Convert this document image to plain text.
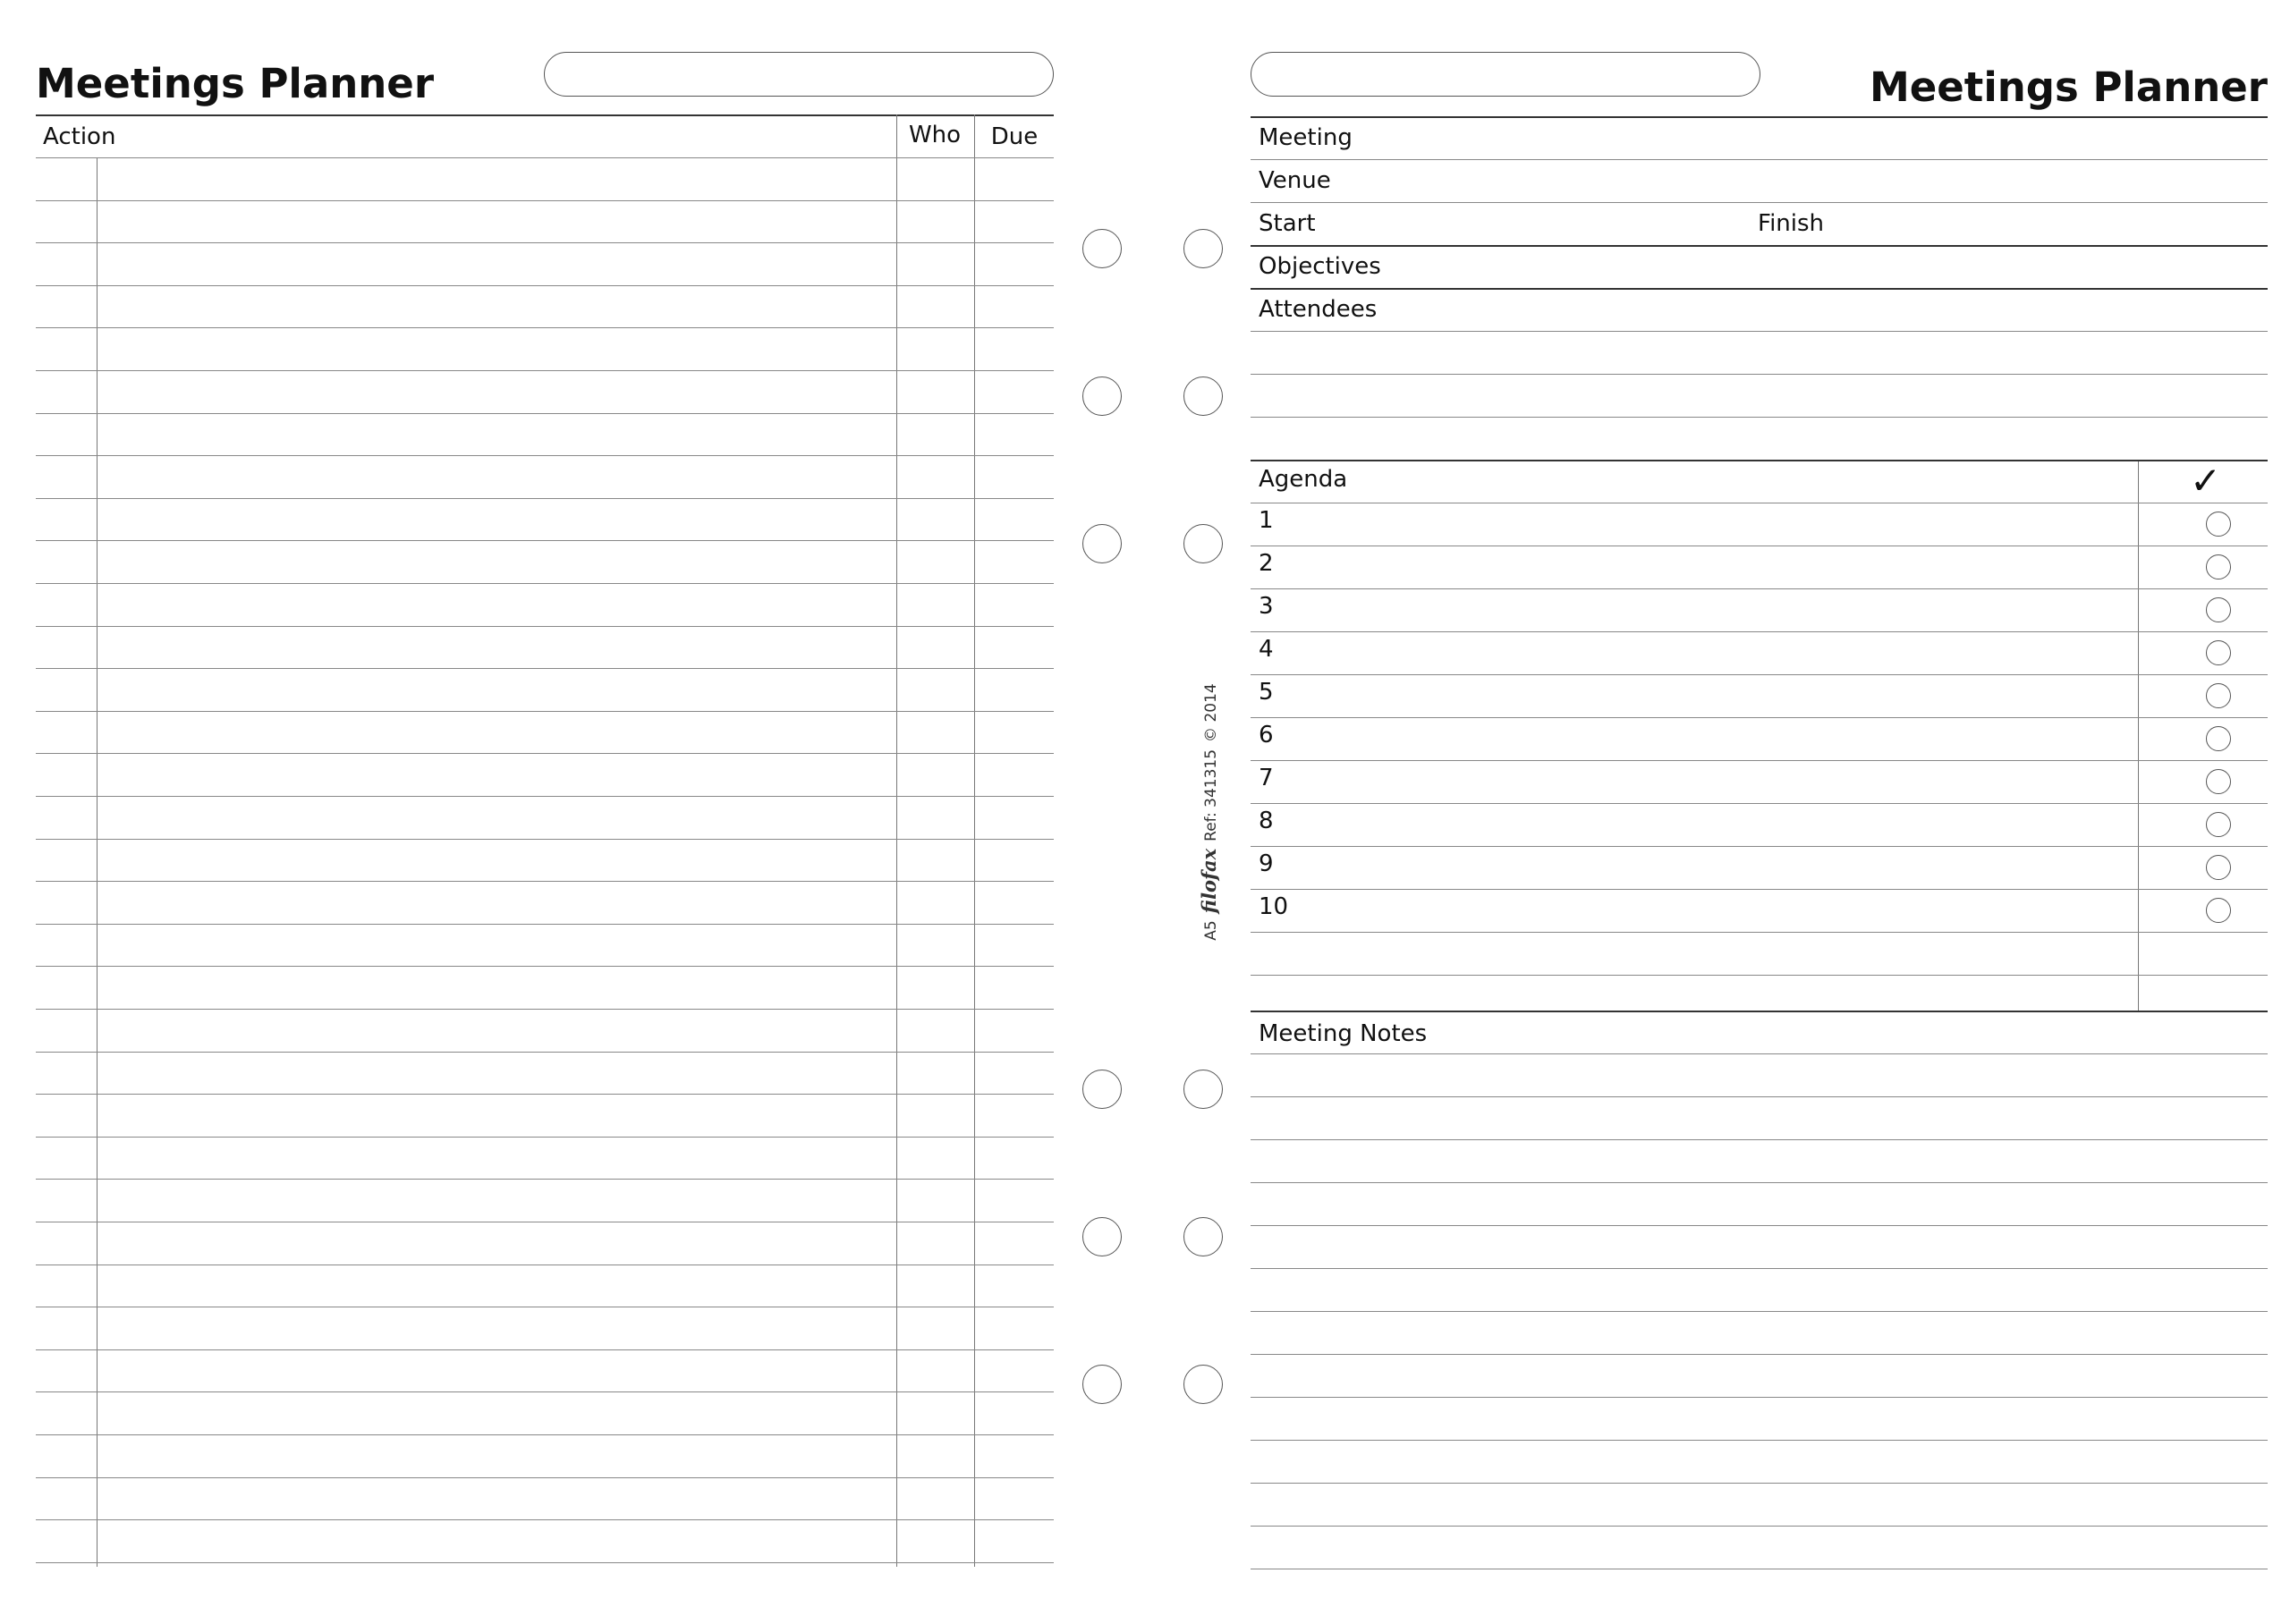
Meetings Planner
Action	Who	Due
A5filofaxRef: 341315© 2014
Meetings Planner
Meeting
Venue
Start	Finish
Objectives
Attendees
Agenda	✓
1
2
3
4
5
6
7
8
9
10
Meeting Notes
